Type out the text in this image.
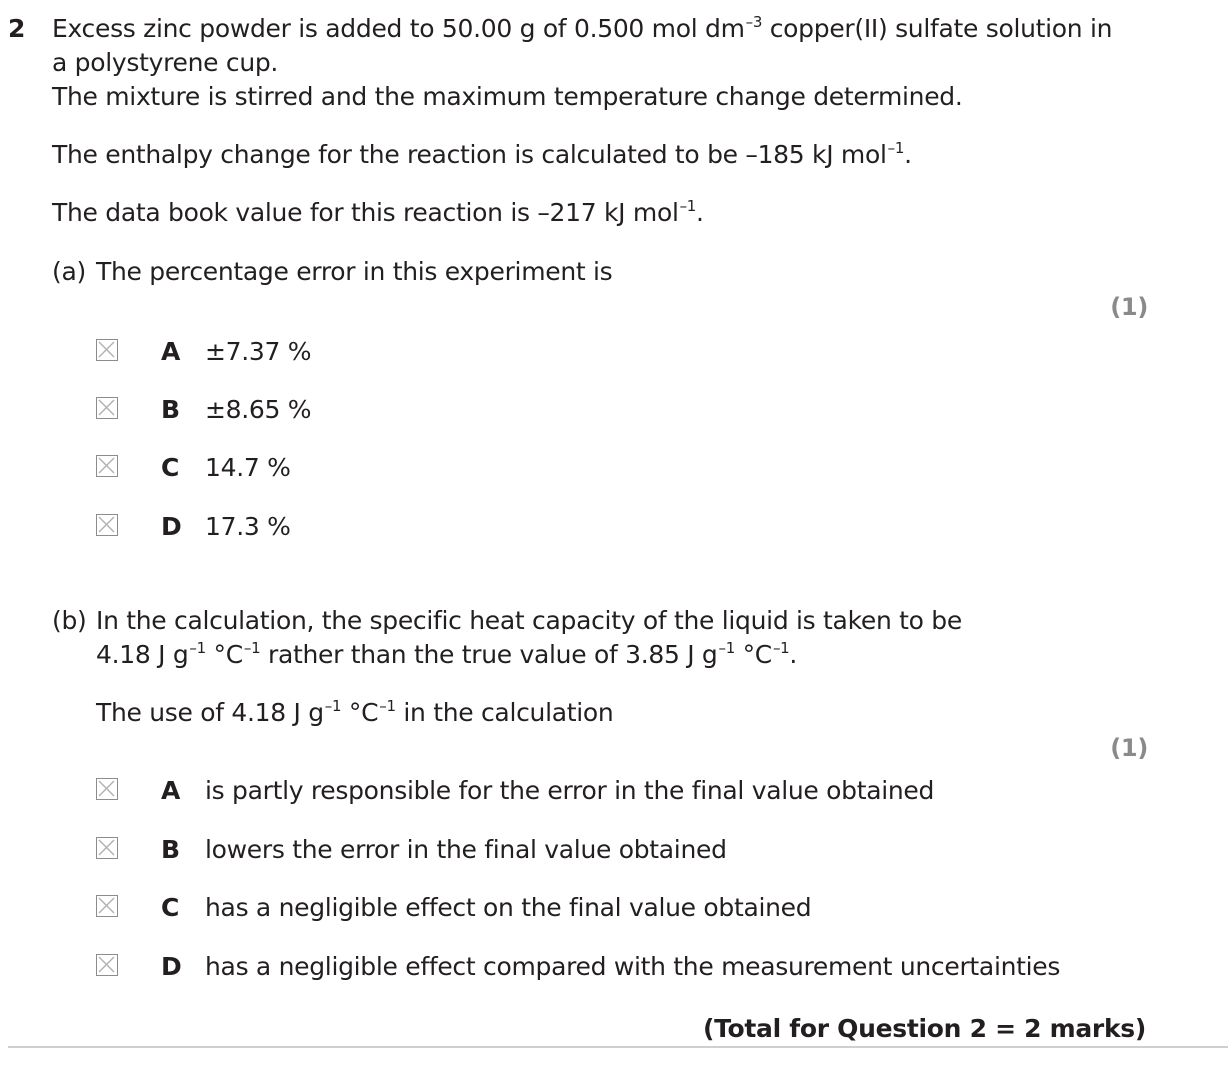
2 Excess zinc powder is added to 50.00 g of 0.500 mol $dm^{-3}$ copper(II) sulfate solution in
a polystyrene cup.
The mixture is stirred and the maximum temperature change determined.
The enthalpy change for the reaction is calculated to be –185 kJ mol$^{-1}$.
The data book value for this reaction is –217 kJ mol$^{-1}$.
(a) The percentage error in this experiment is
(1)
A ±7.37 %
B ±8.65 %
C 14.7 %
D 17.3 %
(b) In the calculation, the specific heat capacity of the liquid is taken to be
4.18 J $g^{-1}$ $^\circ C^{-1}$ rather than the true value of 3.85 J $g^{-1}$ $^\circ C^{-1}$.
The use of 4.18 J $g^{-1}$ $^\circ C^{-1}$ in the calculation
(1)
A is partly responsible for the error in the final value obtained
B lowers the error in the final value obtained
C has a negligible effect on the final value obtained
D has a negligible effect compared with the measurement uncertainties
(Total for Question 2 = 2 marks)
